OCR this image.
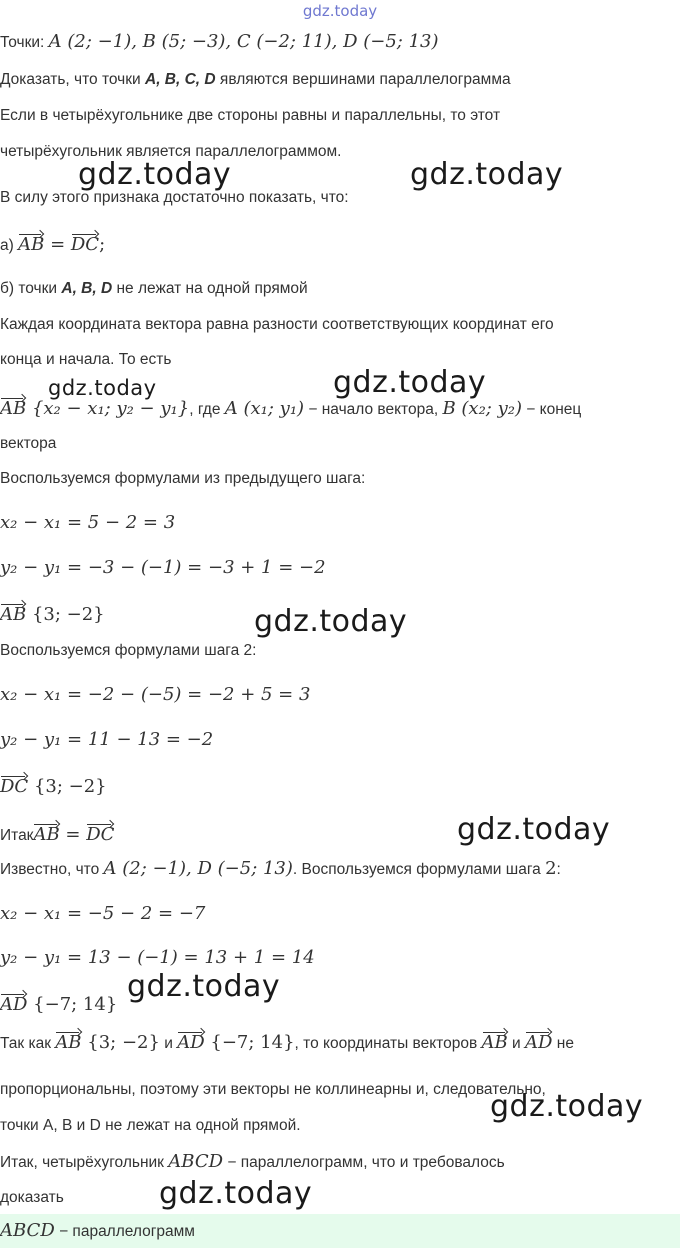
gdz.today
Точки: A (2; −1), B (5; −3), C (−2; 11), D (−5; 13)
Доказать, что точки A, B, C, D являются вершинами параллелограмма
Если в четырёхугольнике две стороны равны и параллельны, то этот
четырёхугольник является параллелограммом.
В силу этого признака достаточно показать, что:
а) AB = DC;
б) точки A, B, D не лежат на одной прямой
Каждая координата вектора равна разности соответствующих координат его
конца и начала. То есть
AB {x₂ − x₁; y₂ − y₁}, где A (x₁; y₁) − начало вектора, B (x₂; y₂) − конец
вектора
Воспользуемся формулами из предыдущего шага:
x₂ − x₁ = 5 − 2 = 3
y₂ − y₁ = −3 − (−1) = −3 + 1 = −2
AB {3; −2}
Воспользуемся формулами шага 2:
x₂ − x₁ = −2 − (−5) = −2 + 5 = 3
y₂ − y₁ = 11 − 13 = −2
DC {3; −2}
ИтакAB = DC
Известно, что A (2; −1), D (−5; 13). Воспользуемся формулами шага 2:
x₂ − x₁ = −5 − 2 = −7
y₂ − y₁ = 13 − (−1) = 13 + 1 = 14
AD {−7; 14}
Так как AB {3; −2} и AD {−7; 14}, то координаты векторов AB и AD не
пропорциональны, поэтому эти векторы не коллинеарны и, следовательно,
точки A, B и D не лежат на одной прямой.
Итак, четырёхугольник ABCD − параллелограмм, что и требовалось
доказать
ABCD − параллелограмм
gdz.today	gdz.today
gdz.today	gdz.today
gdz.today
gdz.today
gdz.today
gdz.today
gdz.today
